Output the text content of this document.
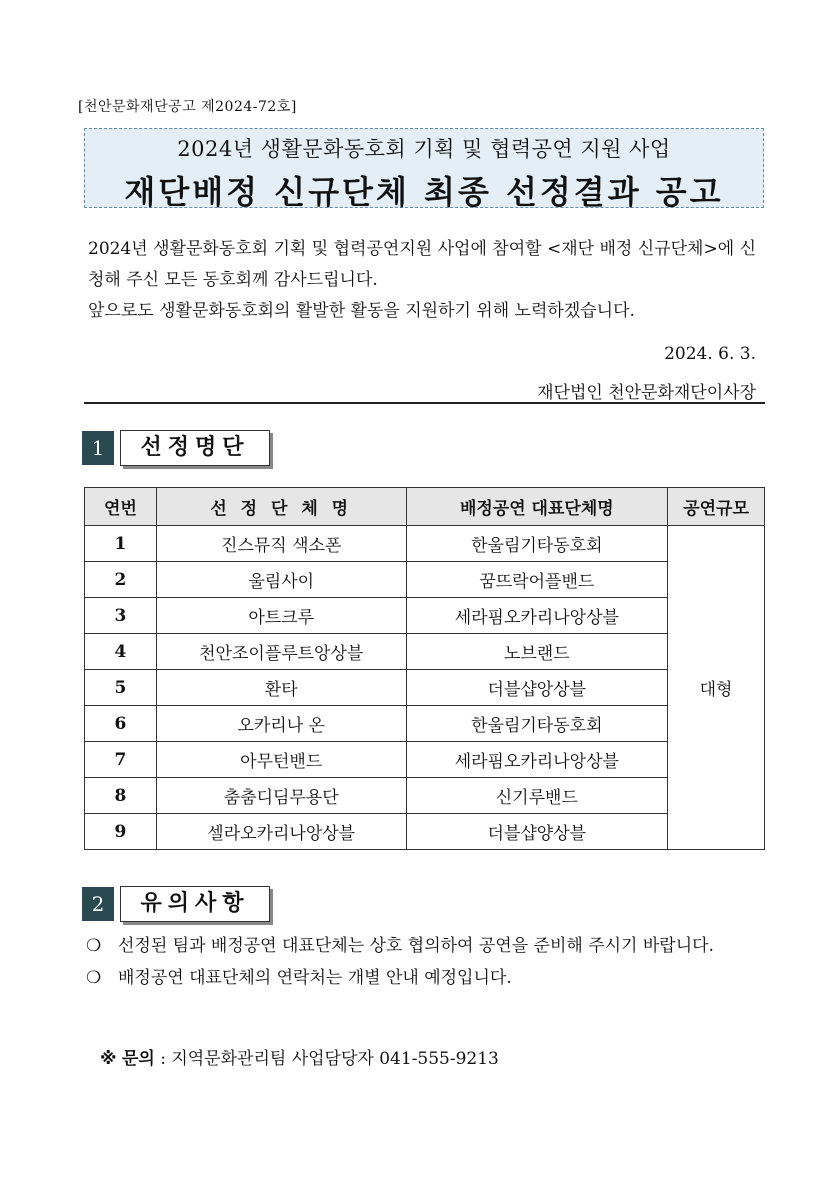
[천안문화재단공고 제2024-72호]
2024년 생활문화동호회 기획 및 협력공연 지원 사업
재단배정 신규단체 최종 선정결과 공고

2024년 생활문화동호회 기획 및 협력공연지원 사업에 참여할 <재단 배정 신규단체>에 신청해 주신 모든 동호회께 감사드립니다.

앞으로도 생활문화동호회의 활발한 활동을 지원하기 위해 노력하겠습니다.

2024. 6. 3.
재단법인 천안문화재단이사장
1	선정명단
연번	선 정 단 체 명	배정공연 대표단체명	공연규모
1	진스뮤직 색소폰	한울림기타동호회	대형
2	울림사이	꿈뜨락어플밴드	
3	아트크루	세라핌오카리나앙상블	
4	천안조이플루트앙상블	노브랜드	
5	환타	더블샵앙상블	
6	오카리나 온	한울림기타동호회	
7	아무턴밴드	세라핌오카리나앙상블	
8	춤춤디딤무용단	신기루밴드	
9	셀라오카리나앙상블	더블샵양상블	
2	유의사항
❍ 선정된 팀과 배정공연 대표단체는 상호 협의하여 공연을 준비해 주시기 바랍니다.
❍ 배정공연 대표단체의 연락처는 개별 안내 예정입니다.
※ 문의 : 지역문화관리팀 사업담당자 041-555-9213
